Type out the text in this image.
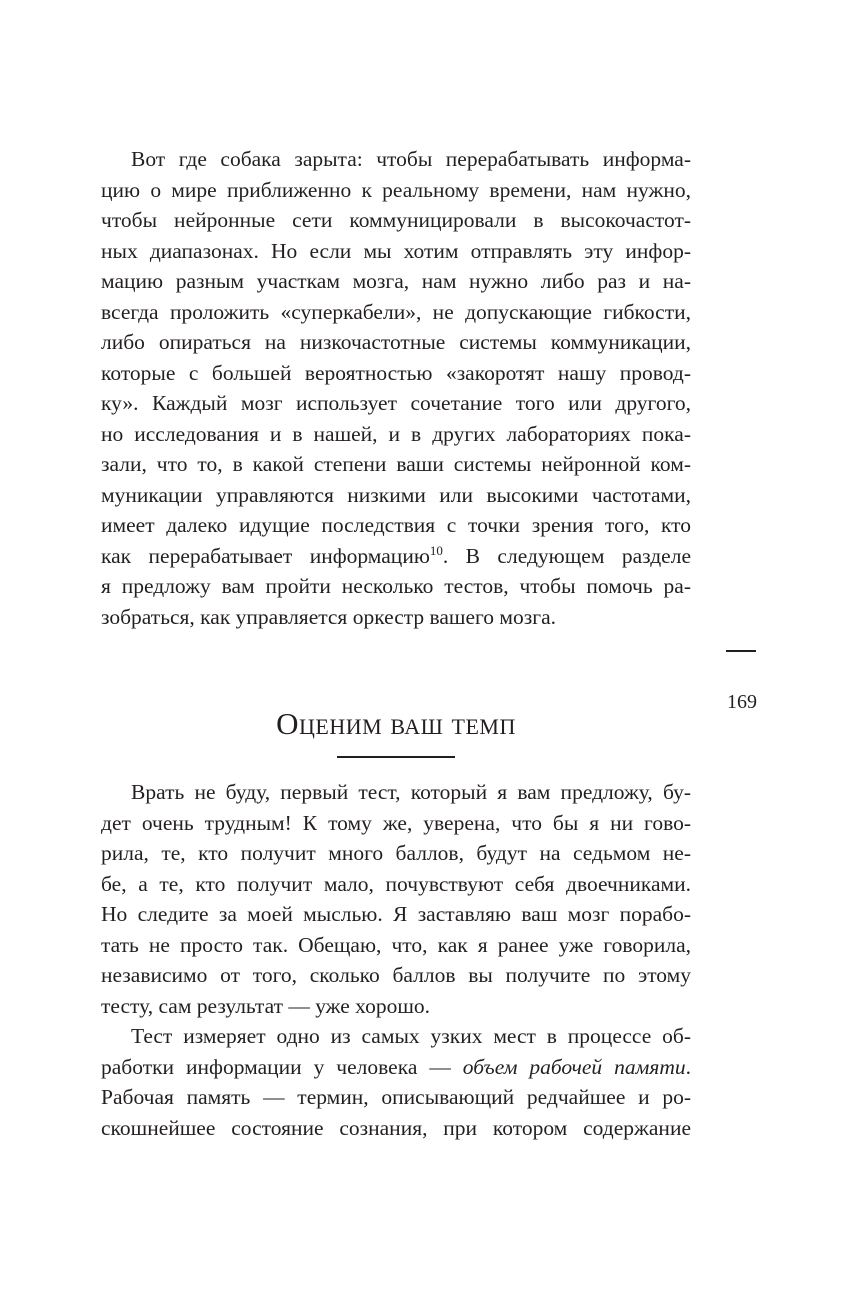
Вот где собака зарыта: чтобы перерабатывать информа-
цию о мире приближенно к реальному времени, нам нужно,
чтобы нейронные сети коммуницировали в высокочастот-
ных диапазонах. Но если мы хотим отправлять эту инфор-
мацию разным участкам мозга, нам нужно либо раз и на-
всегда проложить «суперкабели», не допускающие гибкости,
либо опираться на низкочастотные системы коммуникации,
которые с большей вероятностью «закоротят нашу провод-
ку». Каждый мозг использует сочетание того или другого,
но исследования и в нашей, и в других лабораториях пока-
зали, что то, в какой степени ваши системы нейронной ком-
муникации управляются низкими или высокими частотами,
имеет далеко идущие последствия с точки зрения того, кто
как перерабатывает информацию$^{10}$. В следующем разделе
я предложу вам пройти несколько тестов, чтобы помочь ра-
зобраться, как управляется оркестр вашего мозга.
169
Оценим ваш темп
Врать не буду, первый тест, который я вам предложу, бу-
дет очень трудным! К тому же, уверена, что бы я ни гово-
рила, те, кто получит много баллов, будут на седьмом не-
бе, а те, кто получит мало, почувствуют себя двоечниками.
Но следите за моей мыслью. Я заставляю ваш мозг порабо-
тать не просто так. Обещаю, что, как я ранее уже говорила,
независимо от того, сколько баллов вы получите по этому
тесту, сам результат — уже хорошо.
Тест измеряет одно из самых узких мест в процессе об-
работки информации у человека — объем рабочей памяти.
Рабочая память — термин, описывающий редчайшее и ро-
скошнейшее состояние сознания, при котором содержание
